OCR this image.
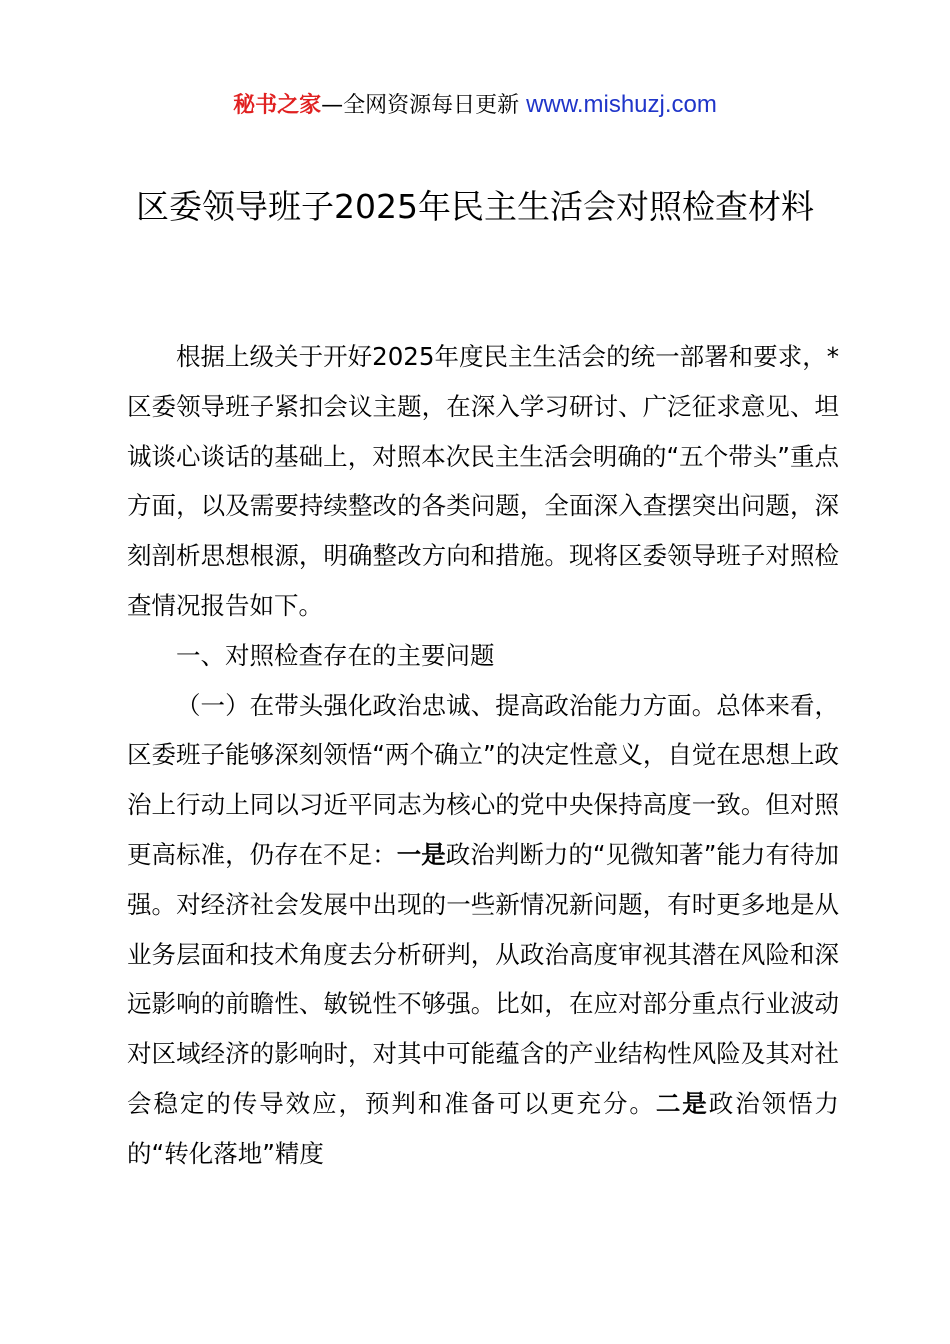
秘书之家—全网资源每日更新 www.mishuzj.com
区委领导班子2025年民主生活会对照检查材料

根据上级关于开好2025年度民主生活会的统一部署和要求，*区委领导班子紧扣会议主题，在深入学习研讨、广泛征求意见、坦诚谈心谈话的基础上，对照本次民主生活会明确的“五个带头”重点方面，以及需要持续整改的各类问题，全面深入查摆突出问题，深刻剖析思想根源，明确整改方向和措施。现将区委领导班子对照检查情况报告如下。

一、对照检查存在的主要问题

（一）在带头强化政治忠诚、提高政治能力方面。总体来看，区委班子能够深刻领悟“两个确立”的决定性意义，自觉在思想上政治上行动上同以习近平同志为核心的党中央保持高度一致。但对照更高标准，仍存在不足：一是政治判断力的“见微知著”能力有待加强。对经济社会发展中出现的一些新情况新问题，有时更多地是从业务层面和技术角度去分析研判，从政治高度审视其潜在风险和深远影响的前瞻性、敏锐性不够强。比如，在应对部分重点行业波动对区域经济的影响时，对其中可能蕴含的产业结构性风险及其对社会稳定的传导效应，预判和准备可以更充分。二是政治领悟力的“转化落地”精度
